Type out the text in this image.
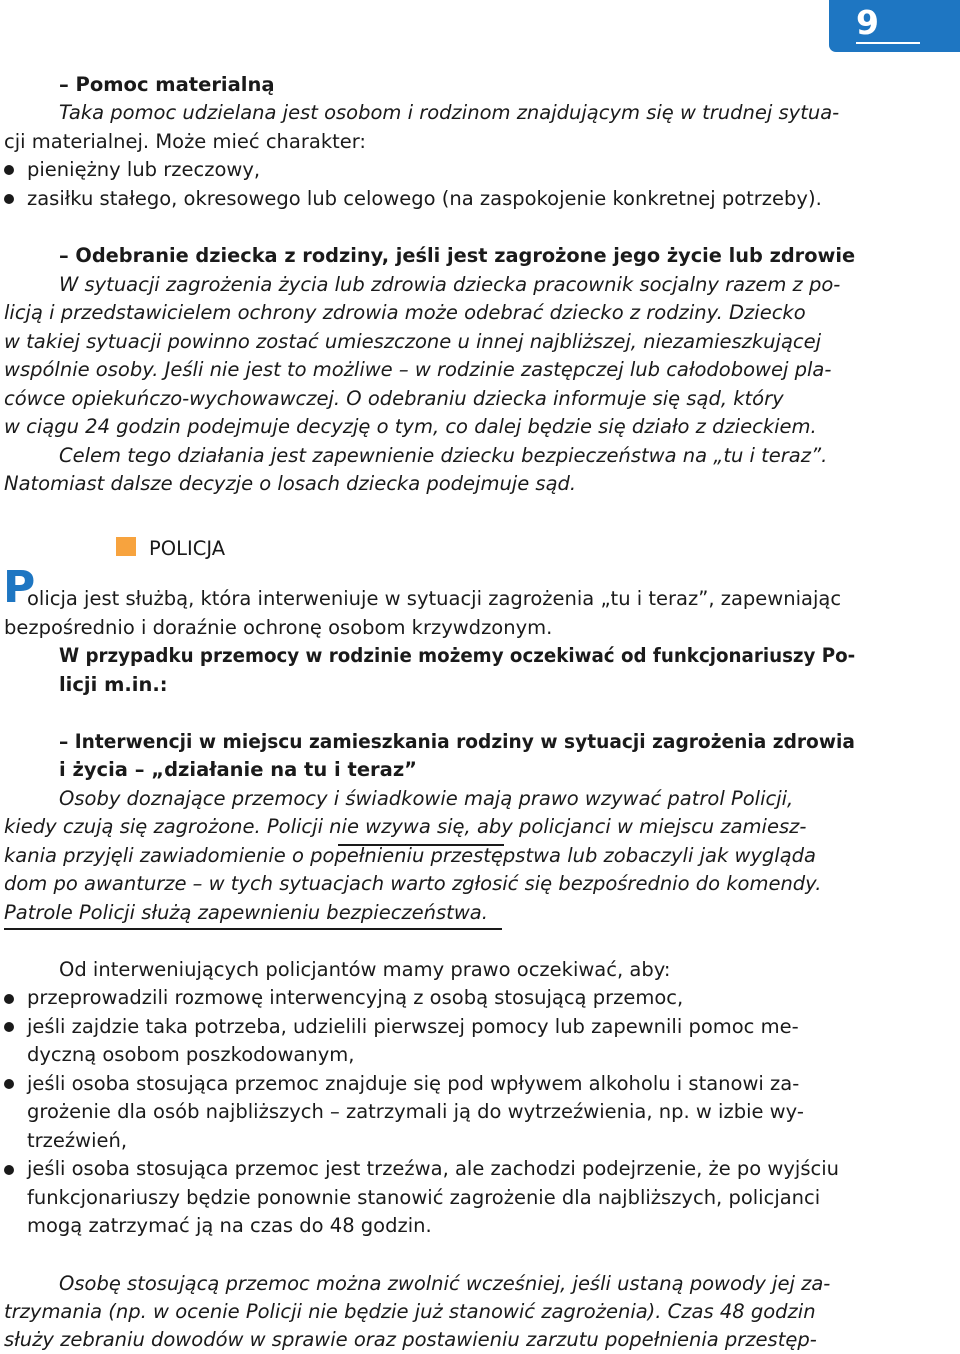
9
– Pomoc materialną
Taka pomoc udzielana jest osobom i rodzinom znajdującym się w trudnej sytua-
cji materialnej. Może mieć charakter:
pieniężny lub rzeczowy,
zasiłku stałego, okresowego lub celowego (na zaspokojenie konkretnej potrzeby).
– Odebranie dziecka z rodziny, jeśli jest zagrożone jego życie lub zdrowie
W sytuacji zagrożenia życia lub zdrowia dziecka pracownik socjalny razem z po-
licją i przedstawicielem ochrony zdrowia może odebrać dziecko z rodziny. Dziecko
w takiej sytuacji powinno zostać umieszczone u innej najbliższej, niezamieszkującej
wspólnie osoby. Jeśli nie jest to możliwe – w rodzinie zastępczej lub całodobowej pla-
cówce opiekuńczo-wychowawczej. O odebraniu dziecka informuje się sąd, który
w ciągu 24 godzin podejmuje decyzję o tym, co dalej będzie się działo z dzieckiem.
Celem tego działania jest zapewnienie dziecku bezpieczeństwa na „tu i teraz”.
Natomiast dalsze decyzje o losach dziecka podejmuje sąd.
POLICJA
P
olicja jest służbą, która interweniuje w sytuacji zagrożenia „tu i teraz”, zapewniając
bezpośrednio i doraźnie ochronę osobom krzywdzonym.
W przypadku przemocy w rodzinie możemy oczekiwać od funkcjonariuszy Po-
licji m.in.:
– Interwencji w miejscu zamieszkania rodziny w sytuacji zagrożenia zdrowia
i życia – „działanie na tu i teraz”
Osoby doznające przemocy i świadkowie mają prawo wzywać patrol Policji,
kiedy czują się zagrożone. Policji nie wzywa się, aby policjanci w miejscu zamiesz-
kania przyjęli zawiadomienie o popełnieniu przestępstwa lub zobaczyli jak wygląda
dom po awanturze – w tych sytuacjach warto zgłosić się bezpośrednio do komendy.
Patrole Policji służą zapewnieniu bezpieczeństwa.
Od interweniujących policjantów mamy prawo oczekiwać, aby:
przeprowadzili rozmowę interwencyjną z osobą stosującą przemoc,
jeśli zajdzie taka potrzeba, udzielili pierwszej pomocy lub zapewnili pomoc me-
dyczną osobom poszkodowanym,
jeśli osoba stosująca przemoc znajduje się pod wpływem alkoholu i stanowi za-
grożenie dla osób najbliższych – zatrzymali ją do wytrzeźwienia, np. w izbie wy-
trzeźwień,
jeśli osoba stosująca przemoc jest trzeźwa, ale zachodzi podejrzenie, że po wyjściu
funkcjonariuszy będzie ponownie stanowić zagrożenie dla najbliższych, policjanci
mogą zatrzymać ją na czas do 48 godzin.
Osobę stosującą przemoc można zwolnić wcześniej, jeśli ustaną powody jej za-
trzymania (np. w ocenie Policji nie będzie już stanowić zagrożenia). Czas 48 godzin
służy zebraniu dowodów w sprawie oraz postawieniu zarzutu popełnienia przestęp-
